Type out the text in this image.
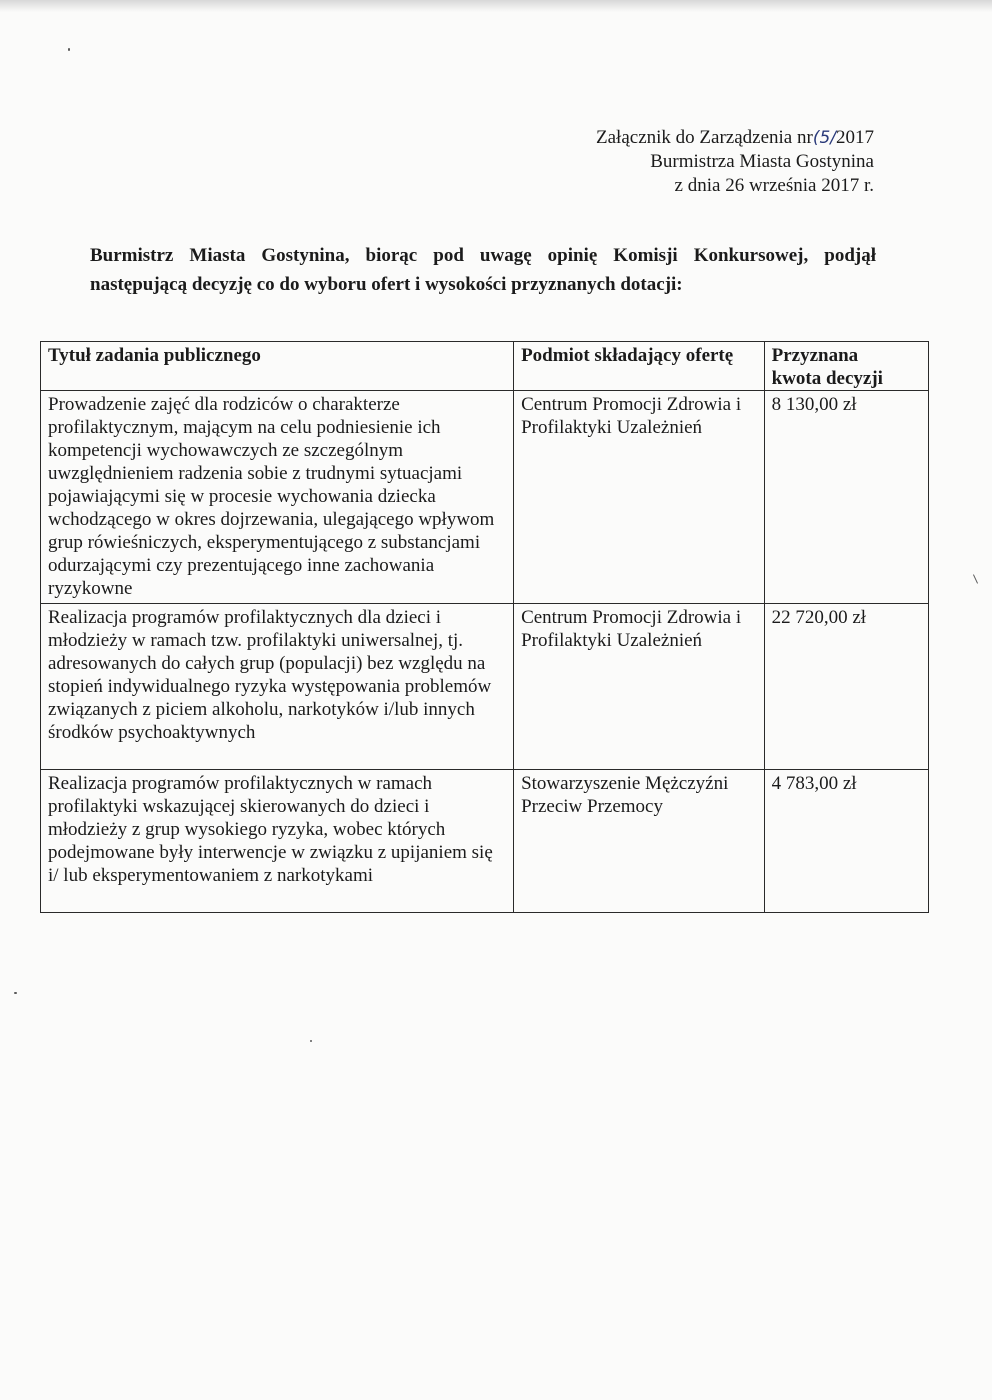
Załącznik do Zarządzenia nr(5/2017
Burmistrza Miasta Gostynina
z dnia 26 września 2017 r.
Burmistrz Miasta Gostynina, biorąc pod uwagę opinię Komisji Konkursowej, podjął następującą decyzję co do wyboru ofert i wysokości przyznanych dotacji:
Tytuł zadania publicznego	Podmiot składający ofertę	Przyznana
kwota decyzji
Prowadzenie zajęć dla rodziców o charakterze profilaktycznym, mającym na celu podniesienie ich kompetencji wychowawczych ze szczególnym uwzględnieniem radzenia sobie z trudnymi sytuacjami pojawiającymi się w procesie wychowania dziecka wchodzącego w okres dojrzewania, ulegającego wpływom grup rówieśniczych, eksperymentującego z substancjami odurzającymi czy prezentującego inne zachowania ryzykowne	Centrum Promocji Zdrowia i Profilaktyki Uzależnień	8 130,00 zł
Realizacja programów profilaktycznych dla dzieci i młodzieży w ramach tzw. profilaktyki uniwersalnej, tj. adresowanych do całych grup (populacji) bez względu na stopień indywidualnego ryzyka występowania problemów związanych z piciem alkoholu, narkotyków i/lub innych środków psychoaktywnych	Centrum Promocji Zdrowia i Profilaktyki Uzależnień	22 720,00 zł
Realizacja programów profilaktycznych w ramach profilaktyki wskazującej skierowanych do dzieci i młodzieży z grup wysokiego ryzyka, wobec których podejmowane były interwencje w związku z upijaniem się i/ lub eksperymentowaniem z narkotykami	Stowarzyszenie Mężczyźni Przeciw Przemocy	4 783,00 zł
